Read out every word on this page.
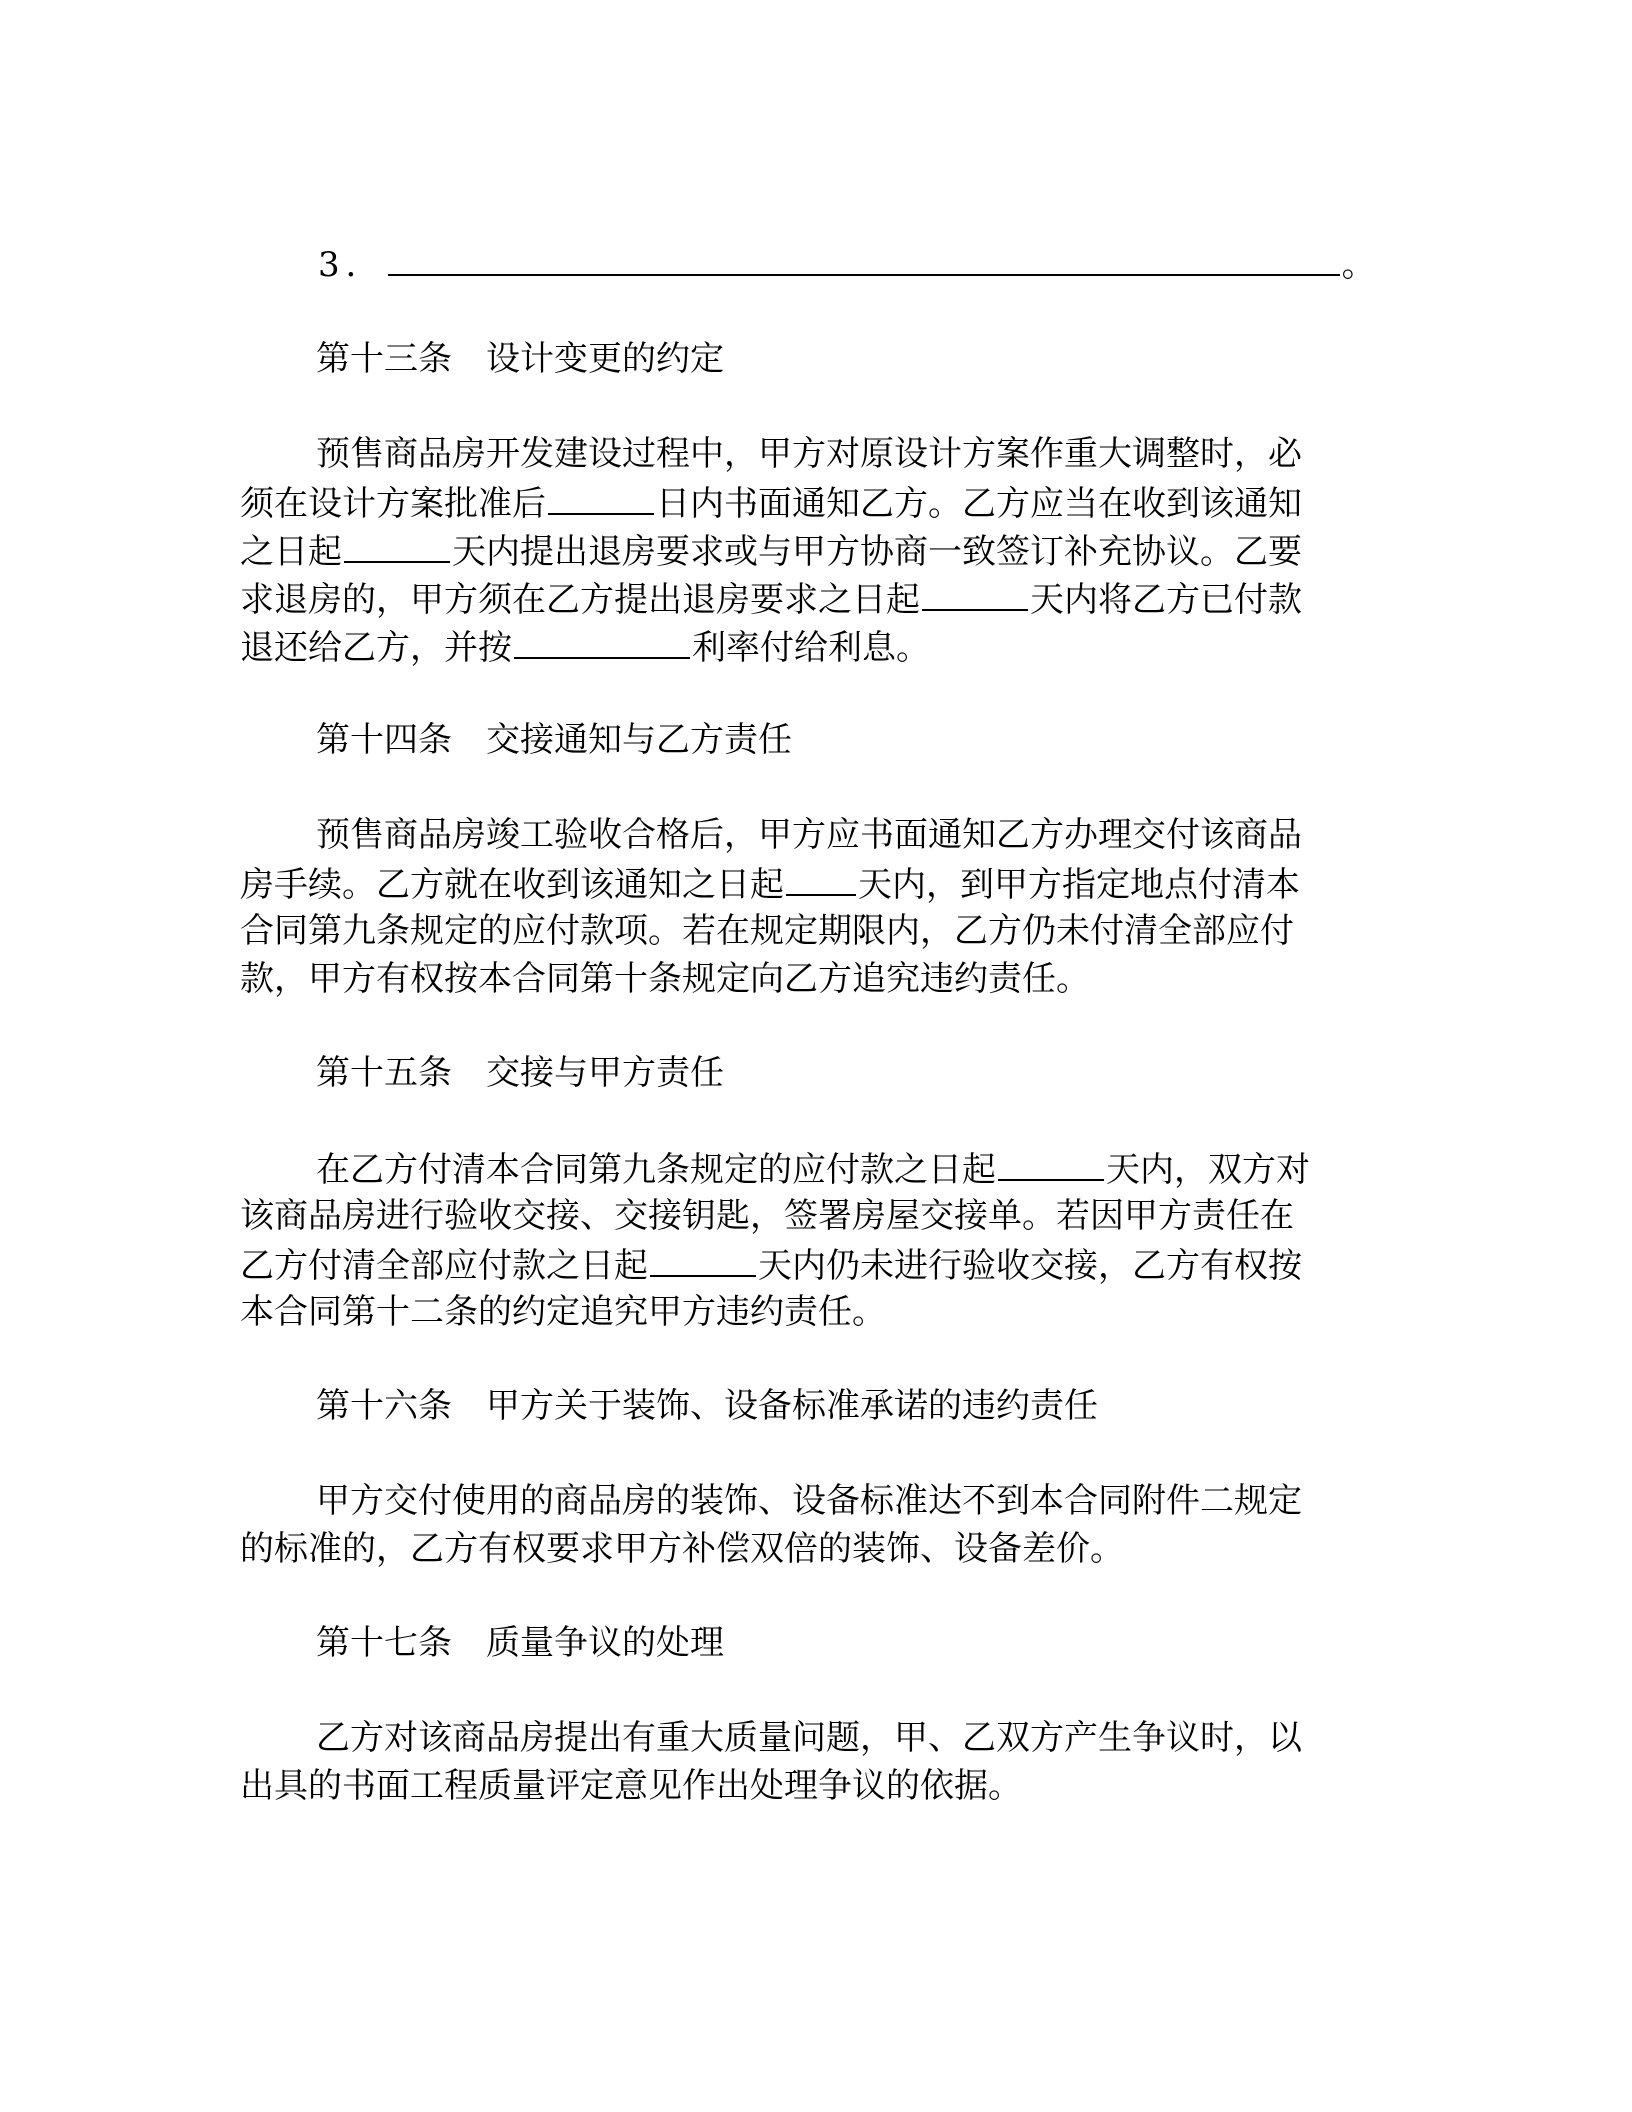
3．	。
第十三条　设计变更的约定
预售商品房开发建设过程中，甲方对原设计方案作重大调整时，必
须在设计方案批准后	日内书面通知乙方。乙方应当在收到该通知
之日起	天内提出退房要求或与甲方协商一致签订补充协议。乙要
求退房的，甲方须在乙方提出退房要求之日起	天内将乙方已付款
退还给乙方，并按	利率付给利息。
第十四条　交接通知与乙方责任
预售商品房竣工验收合格后，甲方应书面通知乙方办理交付该商品
房手续。乙方就在收到该通知之日起 天内，到甲方指定地点付清本
合同第九条规定的应付款项。若在规定期限内，乙方仍未付清全部应付
款，甲方有权按本合同第十条规定向乙方追究违约责任。
第十五条　交接与甲方责任
在乙方付清本合同第九条规定的应付款之日起	天内，双方对
该商品房进行验收交接、交接钥匙，签署房屋交接单。若因甲方责任在
乙方付清全部应付款之日起	天内仍未进行验收交接，乙方有权按
本合同第十二条的约定追究甲方违约责任。
第十六条　甲方关于装饰、设备标准承诺的违约责任
甲方交付使用的商品房的装饰、设备标准达不到本合同附件二规定
的标准的，乙方有权要求甲方补偿双倍的装饰、设备差价。
第十七条　质量争议的处理
乙方对该商品房提出有重大质量问题，甲、乙双方产生争议时，以
出具的书面工程质量评定意见作出处理争议的依据。
